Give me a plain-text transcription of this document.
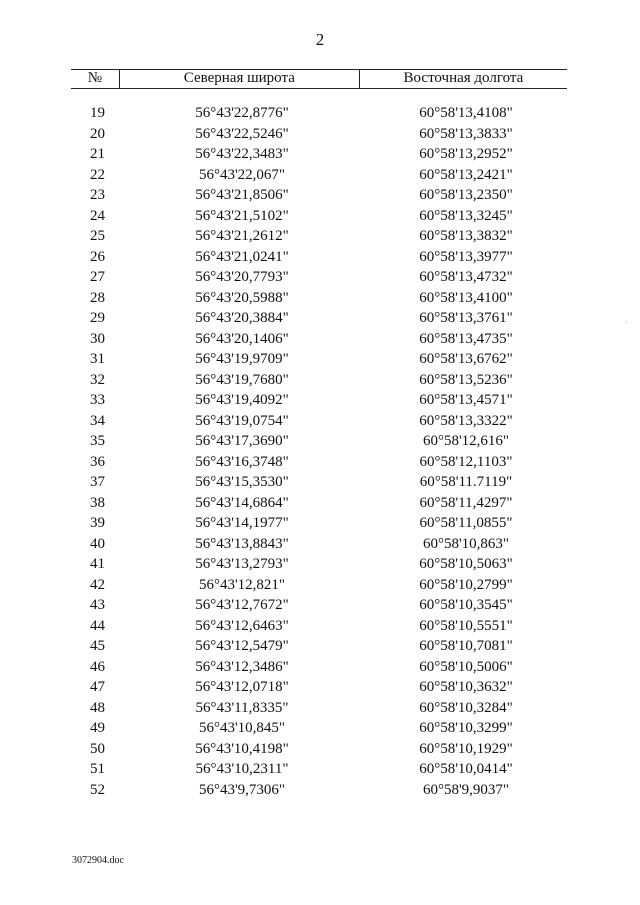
2
№	Северная широта	Восточная долгота
19	56°43'22,8776"	60°58'13,4108"
20	56°43'22,5246"	60°58'13,3833"
21	56°43'22,3483"	60°58'13,2952"
22	56°43'22,067"	60°58'13,2421"
23	56°43'21,8506"	60°58'13,2350"
24	56°43'21,5102"	60°58'13,3245"
25	56°43'21,2612"	60°58'13,3832"
26	56°43'21,0241"	60°58'13,3977"
27	56°43'20,7793"	60°58'13,4732"
28	56°43'20,5988"	60°58'13,4100"
29	56°43'20,3884"	60°58'13,3761"
30	56°43'20,1406"	60°58'13,4735"
31	56°43'19,9709"	60°58'13,6762"
32	56°43'19,7680"	60°58'13,5236"
33	56°43'19,4092"	60°58'13,4571"
34	56°43'19,0754"	60°58'13,3322"
35	56°43'17,3690"	60°58'12,616"
36	56°43'16,3748"	60°58'12,1103"
37	56°43'15,3530"	60°58'11.7119"
38	56°43'14,6864"	60°58'11,4297"
39	56°43'14,1977"	60°58'11,0855"
40	56°43'13,8843"	60°58'10,863"
41	56°43'13,2793"	60°58'10,5063"
42	56°43'12,821"	60°58'10,2799"
43	56°43'12,7672"	60°58'10,3545"
44	56°43'12,6463"	60°58'10,5551"
45	56°43'12,5479"	60°58'10,7081"
46	56°43'12,3486"	60°58'10,5006"
47	56°43'12,0718"	60°58'10,3632"
48	56°43'11,8335"	60°58'10,3284"
49	56°43'10,845"	60°58'10,3299"
50	56°43'10,4198"	60°58'10,1929"
51	56°43'10,2311"	60°58'10,0414"
52	56°43'9,7306"	60°58'9,9037"
3072904.doc
·
